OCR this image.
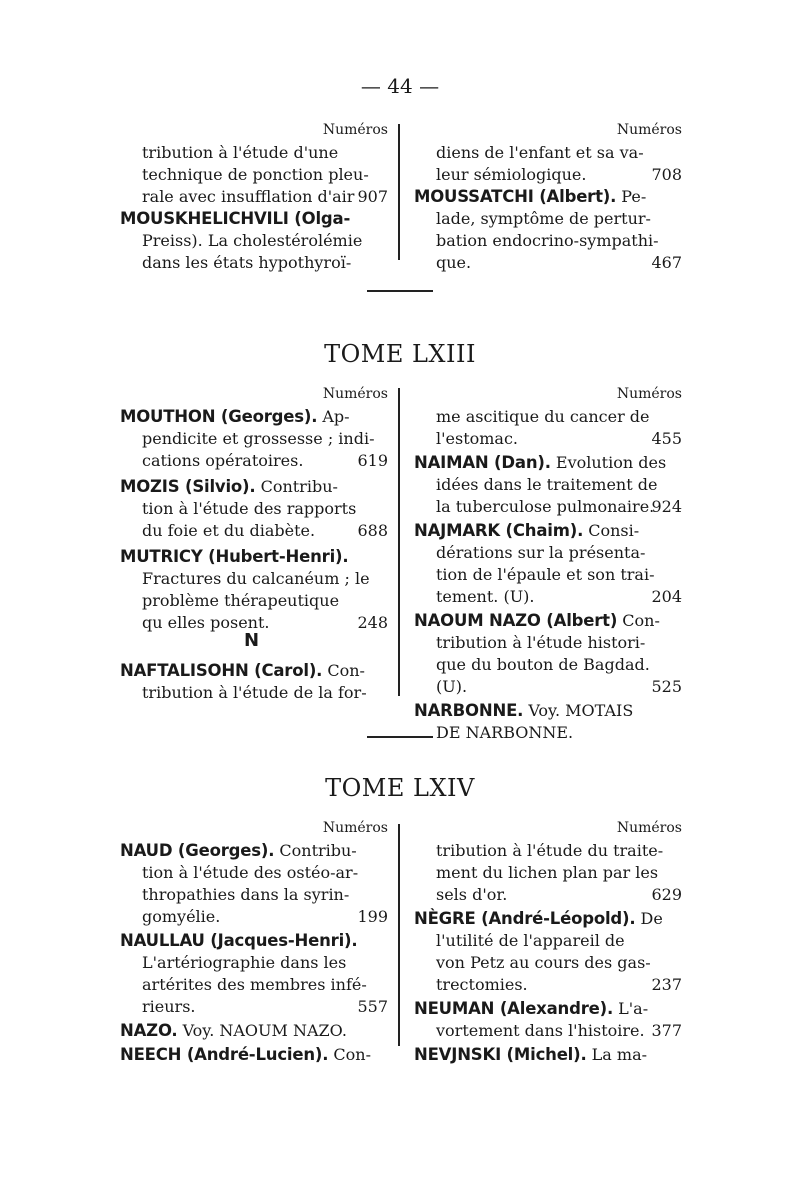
— 44 —
Numéros	Numéros
tribution à l'étude d'une
technique de ponction pleu-
rale avec insufflation d'air 907
MOUSKHELICHVILI (Olga-
Preiss). La cholestérolémie
dans les états hypothyroï-
diens de l'enfant et sa va-
leur sémiologique.	708
MOUSSATCHI (Albert). Pe-
lade, symptôme de pertur-
bation endocrino-sympathi-
que.	467
TOME LXIII
Numéros	Numéros
MOUTHON (Georges). Ap-
pendicite et grossesse ; indi-
cations opératoires.	619
MOZIS (Silvio). Contribu-
tion à l'étude des rapports
du foie et du diabète.	688
MUTRICY (Hubert-Henri).
Fractures du calcanéum ; le
problème thérapeutique
qu elles posent.	248
N
NAFTALISOHN (Carol). Con-
tribution à l'étude de la for-
me ascitique du cancer de
l'estomac.	455
NAIMAN (Dan). Evolution des
idées dans le traitement de
la tuberculose pulmonaire.
924
NAJMARK (Chaim). Consi-
dérations sur la présenta-
tion de l'épaule et son trai-
tement. (U).	204
NAOUM NAZO (Albert) Con-
tribution à l'étude histori-
que du bouton de Bagdad.
(U).	525
NARBONNE. Voy. MOTAIS
DE NARBONNE.
TOME LXIV
Numéros	Numéros
NAUD (Georges). Contribu-
tion à l'étude des ostéo-ar-
thropathies dans la syrin-
gomyélie.	199
NAULLAU (Jacques-Henri).
L'artériographie dans les
artérites des membres infé-
rieurs.	557
NAZO. Voy. NAOUM NAZO.
NEECH (André-Lucien). Con-
tribution à l'étude du traite-
ment du lichen plan par les
sels d'or.	629
NÈGRE (André-Léopold). De
l'utilité de l'appareil de
von Petz au cours des gas-
trectomies.	237
NEUMAN (Alexandre). L'a-
vortement dans l'histoire. 377
NEVJNSKI (Michel). La ma-
